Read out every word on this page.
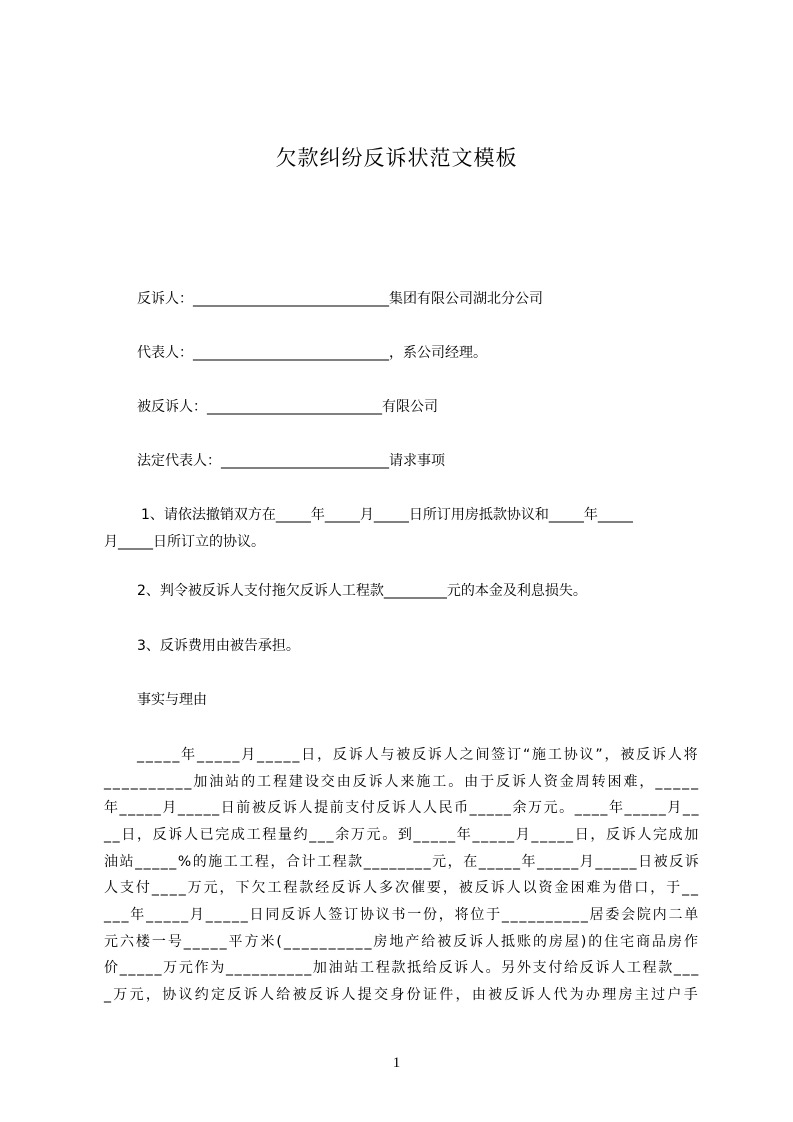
欠款纠纷反诉状范文模板
反诉人：____________________________集团有限公司湖北分公司
代表人：____________________________，系公司经理。
被反诉人：_________________________有限公司
法定代表人：________________________请求事项
1、请依法撤销双方在_____年_____月_____日所订用房抵款协议和_____年_____
月_____日所订立的协议。
2、判令被反诉人支付拖欠反诉人工程款_________元的本金及利息损失。
3、反诉费用由被告承担。
事实与理由
_____年_____月_____日，反诉人与被反诉人之间签订“施工协议”，被反诉人将
__________加油站的工程建设交由反诉人来施工。由于反诉人资金周转困难，_____
年_____月_____日前被反诉人提前支付反诉人人民币_____余万元。____年_____月__
__日，反诉人已完成工程量约___余万元。到_____年_____月_____日，反诉人完成加
油站_____%的施工工程，合计工程款________元，在_____年_____月_____日被反诉
人支付____万元，下欠工程款经反诉人多次催要，被反诉人以资金困难为借口，于__
___年_____月_____日同反诉人签订协议书一份，将位于__________居委会院内二单
元六楼一号_____平方米(__________房地产给被反诉人抵账的房屋)的住宅商品房作
价_____万元作为__________加油站工程款抵给反诉人。另外支付给反诉人工程款___
_万元，协议约定反诉人给被反诉人提交身份证件，由被反诉人代为办理房主过户手
1
